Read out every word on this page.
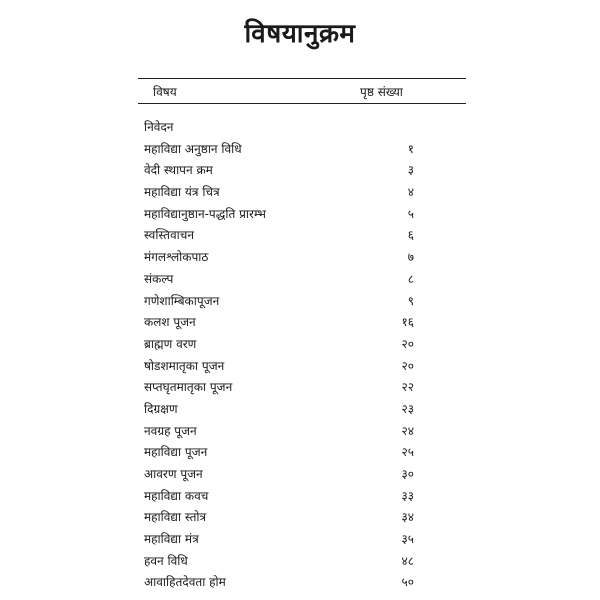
विषयानुक्रम
विषय	पृष्ठ संख्या
निवेदन
महाविद्या अनुष्ठान विधि	१
वेदी स्थापन क्रम	३
महाविद्या यंत्र चित्र	४
महाविद्यानुष्ठान-पद्धति प्रारम्भ	५
स्वस्तिवाचन	६
मंगलश्लोकपाठ	७
संकल्प	८
गणेशाम्बिकापूजन	९
कलश पूजन	१६
ब्राह्मण वरण	२०
षोडशमातृका पूजन	२०
सप्तघृतमातृका पूजन	२२
दिग्रक्षण	२३
नवग्रह पूजन	२४
महाविद्या पूजन	२५
आवरण पूजन	३०
महाविद्या कवच	३३
महाविद्या स्तोत्र	३४
महाविद्या मंत्र	३५
हवन विधि	४८
आवाहितदेवता होम	५०
